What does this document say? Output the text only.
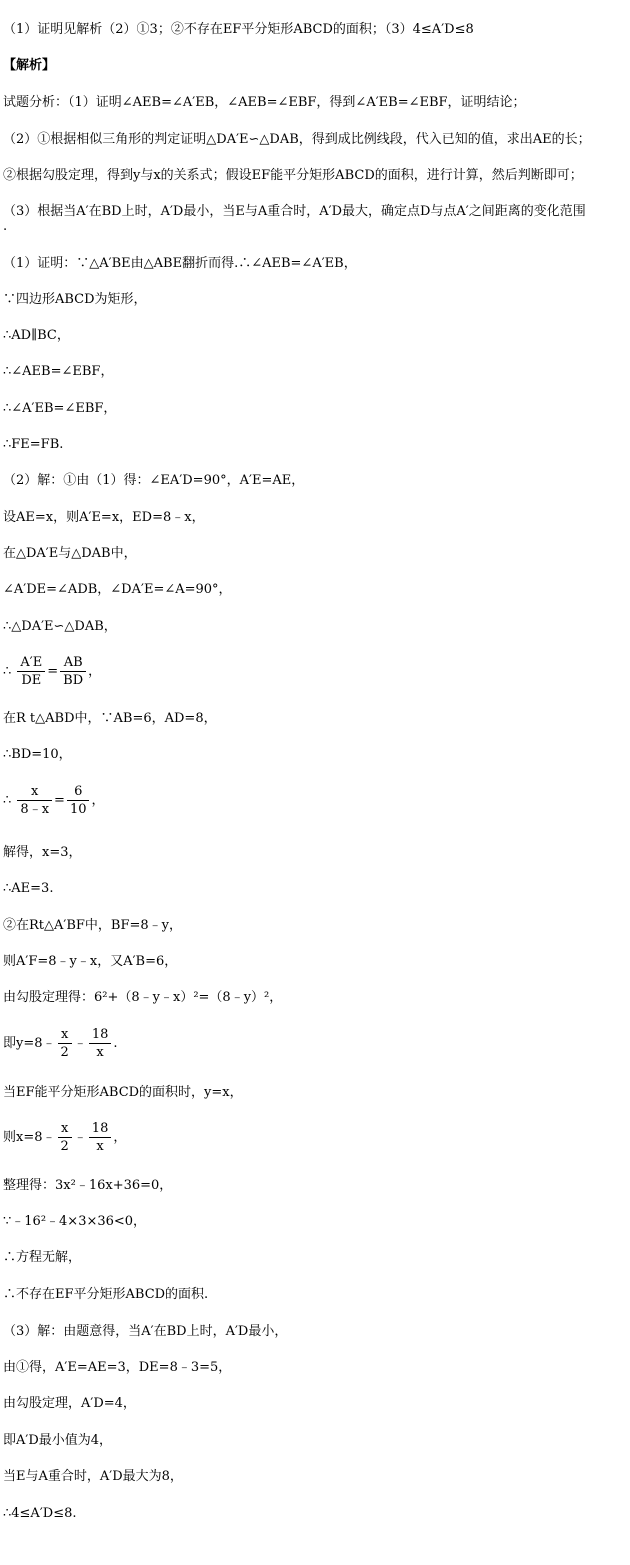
（1）证明见解析（2）①3；②不存在EF平分矩形ABCD的面积；（3）4≤A′D≤8
【解析】
试题分析：（1）证明∠AEB=∠A′EB，∠AEB=∠EBF，得到∠A′EB=∠EBF，证明结论；
（2）①根据相似三角形的判定证明△DA′E∽△DAB，得到成比例线段，代入已知的值，求出AE的长；
②根据勾股定理，得到y与x的关系式；假设EF能平分矩形ABCD的面积，进行计算，然后判断即可；
（3）根据当A′在BD上时，A′D最小，当E与A重合时，A′D最大，确定点D与点A′之间距离的变化范围
.
（1）证明：∵△A′BE由△ABE翻折而得.∴∠AEB=∠A′EB，
∵四边形ABCD为矩形，
∴AD∥BC，
∴∠AEB=∠EBF，
∴∠A′EB=∠EBF，
∴FE=FB.
（2）解：①由（1）得：∠EA′D=90°，A′E=AE，
设AE=x，则A′E=x，ED=8﹣x，
在△DA′E与△DAB中，
∠A′DE=∠ADB，∠DA′E=∠A=90°，
∴△DA′E∽△DAB，
∴ $\frac{A'E}{DE} = \frac{AB}{BD}$ ，
在R t△ABD中，∵AB=6，AD=8，
∴BD=10，
∴ $\frac{x}{8﹣x} = \frac{6}{10}$ ，
解得，x=3，
∴AE=3.
②在Rt△A′BF中，BF=8﹣y，
则A′F=8﹣y﹣x，又A′B=6，
由勾股定理得：6²+（8﹣y﹣x）²=（8﹣y）²，
即y=8﹣ $\frac{x}{2}$ ﹣ $\frac{18}{x}$ .
当EF能平分矩形ABCD的面积时，y=x，
则x=8﹣ $\frac{x}{2}$ ﹣ $\frac{18}{x}$ ，
整理得：3x²﹣16x+36=0，
∵﹣16²﹣4×3×36<0，
∴方程无解，
∴不存在EF平分矩形ABCD的面积.
（3）解：由题意得，当A′在BD上时，A′D最小，
由①得，A′E=AE=3，DE=8﹣3=5，
由勾股定理，A′D=4，
即A′D最小值为4，
当E与A重合时，A′D最大为8，
∴4≤A′D≤8.
